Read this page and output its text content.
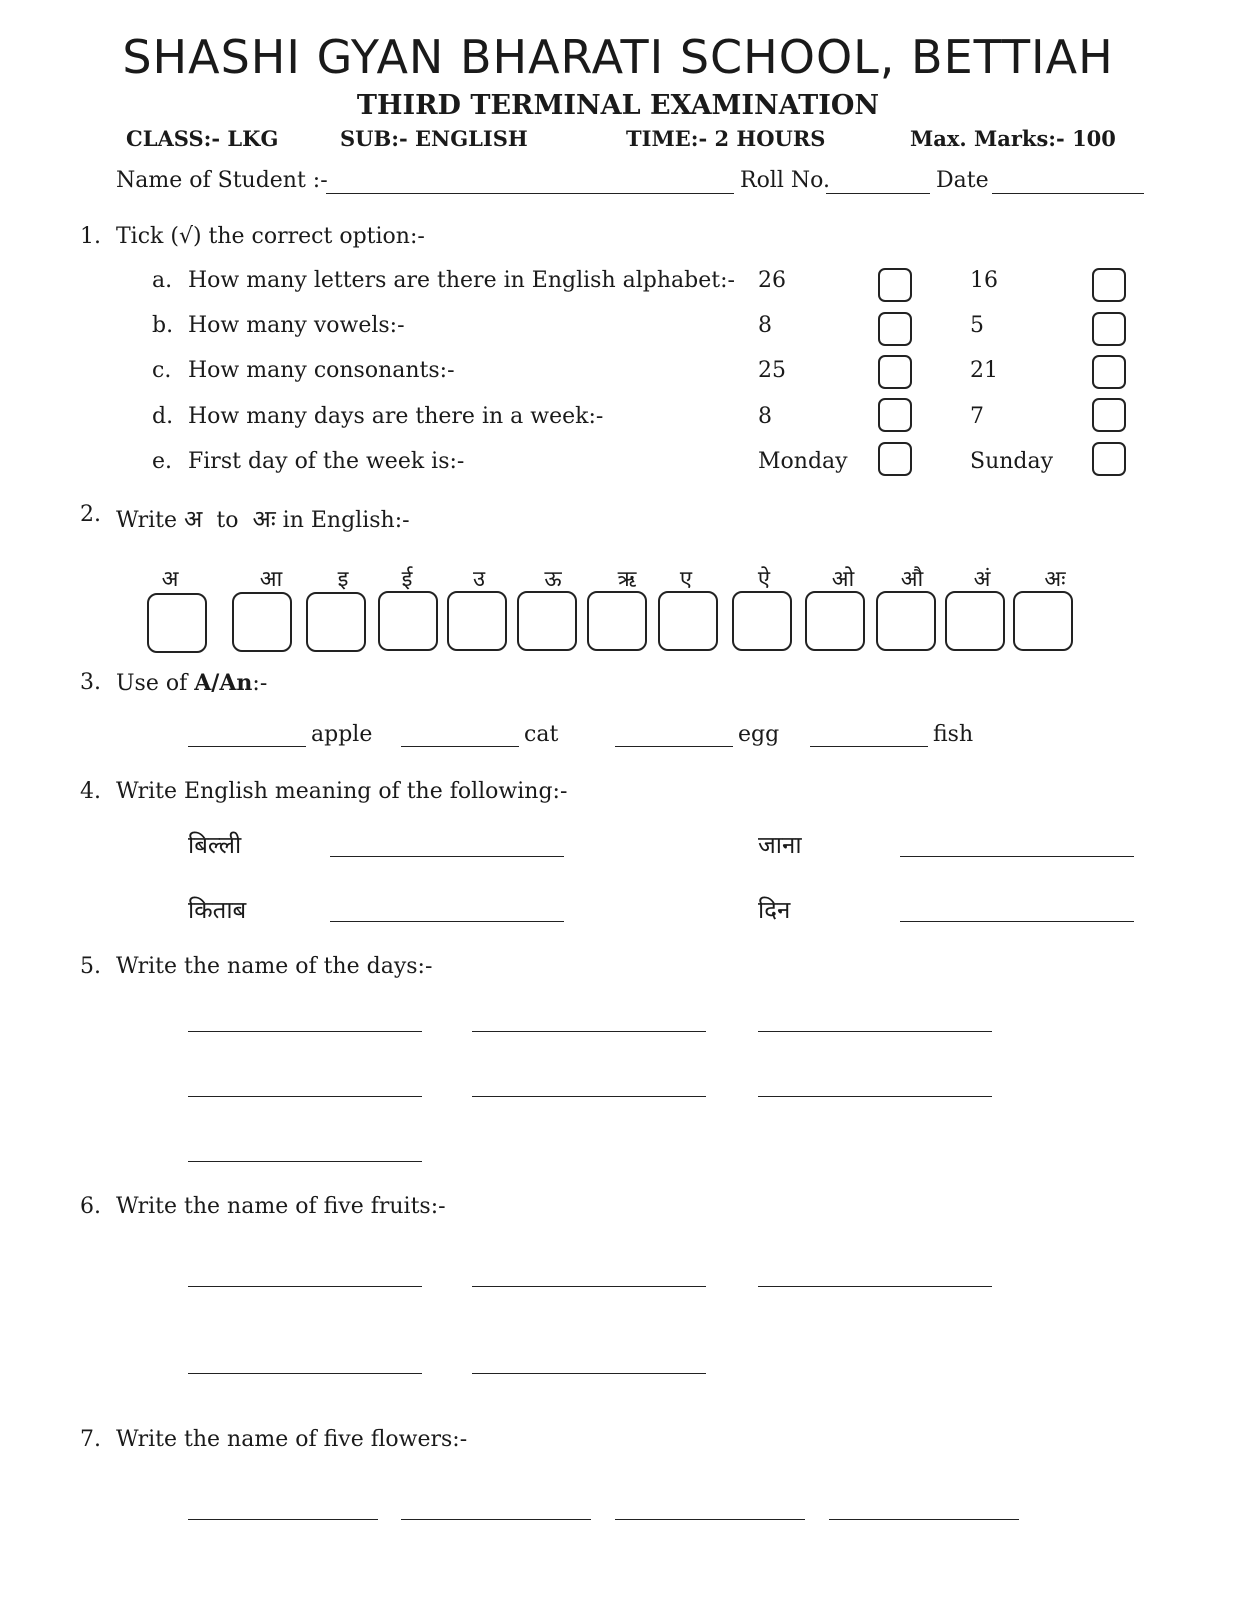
SHASHI GYAN BHARATI SCHOOL, BETTIAH
THIRD TERMINAL EXAMINATION
CLASS:- LKG	SUB:- ENGLISH	TIME:- 2 HOURS	Max. Marks:- 100
Name of Student :-	Roll No.	Date
1. Tick (√) the correct option:-
a. How many letters are there in English alphabet:- 26	16
b. How many vowels:-	8	5
c. How many consonants:-	25	21
d. How many days are there in a week:-	8	7
e. First day of the week is:-	Monday	Sunday
2. Write अ to अः in English:-
अ	आ	इ	ई	उ	ऊ	ऋ	ए	ऐ	ओ	औ	अं	अः
3. Use of A/An:-
apple	cat	egg	fish
4. Write English meaning of the following:-
बिल्ली	जाना
किताब	दिन
5. Write the name of the days:-
6. Write the name of five fruits:-
7. Write the name of five flowers:-
